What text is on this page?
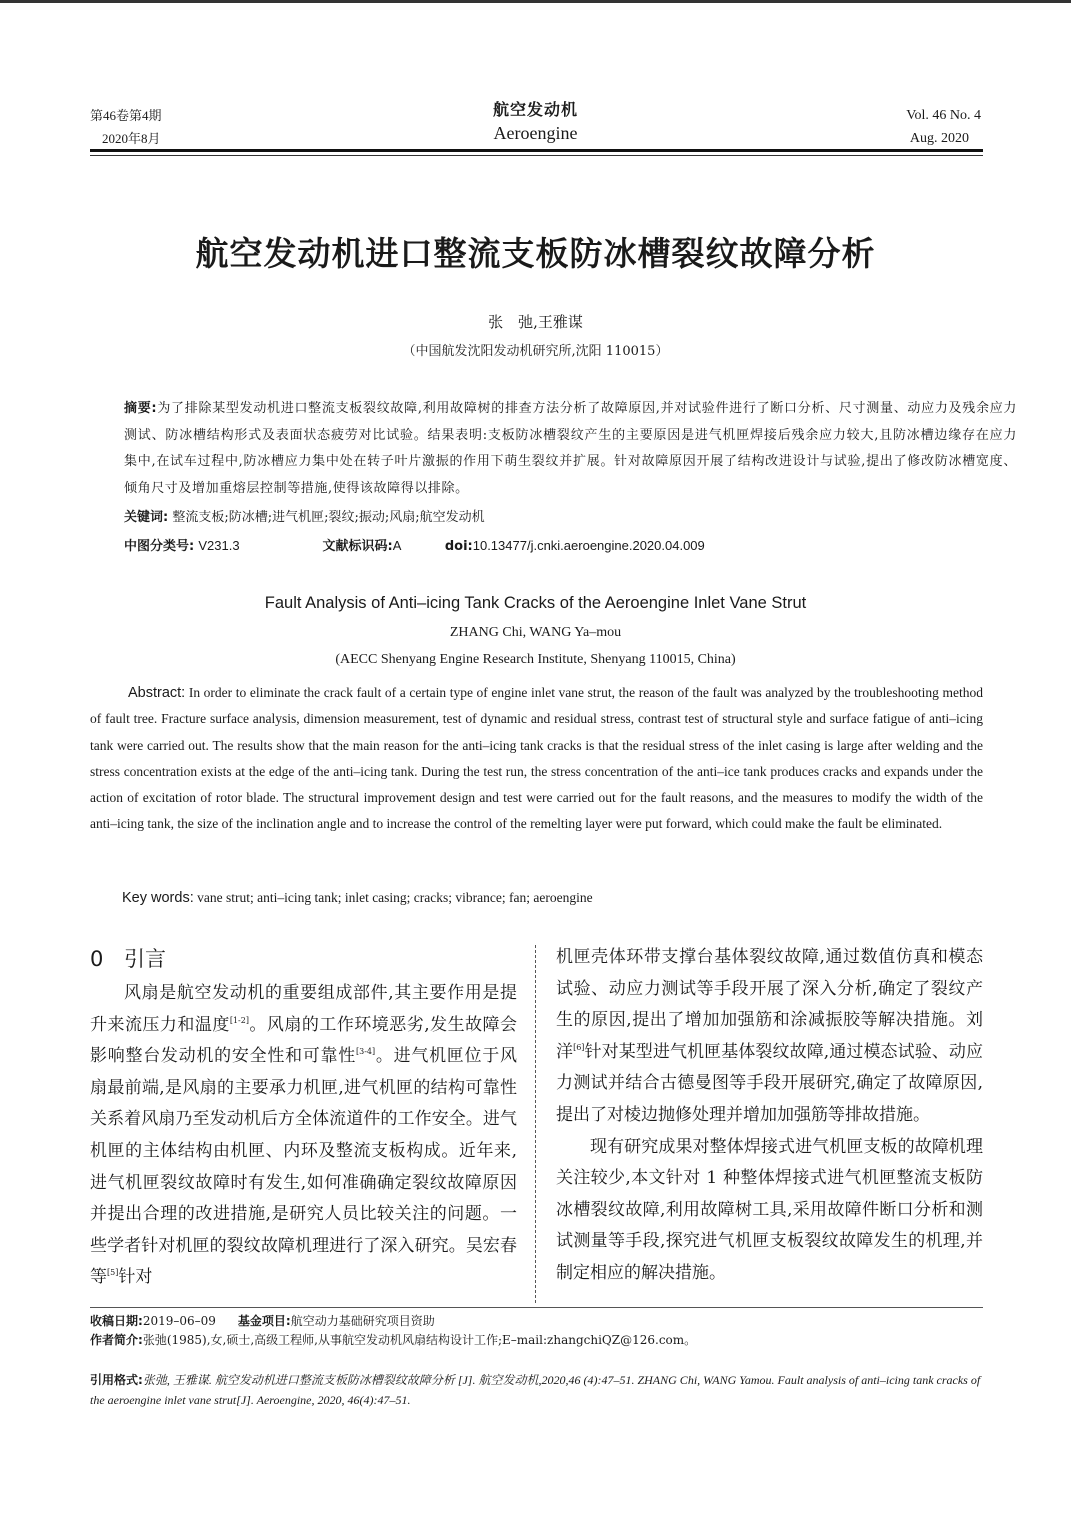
第46卷第4期
2020年8月
航空发动机
Aeroengine
Vol. 46 No. 4
Aug. 2020
航空发动机进口整流支板防冰槽裂纹故障分析
张　弛,王雅谋
（中国航发沈阳发动机研究所,沈阳 110015）
摘要:为了排除某型发动机进口整流支板裂纹故障,利用故障树的排查方法分析了故障原因,并对试验件进行了断口分析、尺寸测量、动应力及残余应力测试、防冰槽结构形式及表面状态疲劳对比试验。结果表明:支板防冰槽裂纹产生的主要原因是进气机匣焊接后残余应力较大,且防冰槽边缘存在应力集中,在试车过程中,防冰槽应力集中处在转子叶片激振的作用下萌生裂纹并扩展。针对故障原因开展了结构改进设计与试验,提出了修改防冰槽宽度、倾角尺寸及增加重熔层控制等措施,使得该故障得以排除。
关键词: 整流支板;防冰槽;进气机匣;裂纹;振动;风扇;航空发动机
中图分类号: V231.3	文献标识码:A	doi:10.13477/j.cnki.aeroengine.2020.04.009
Fault Analysis of Anti–icing Tank Cracks of the Aeroengine Inlet Vane Strut
ZHANG Chi, WANG Ya–mou
(AECC Shenyang Engine Research Institute, Shenyang 110015, China)
Abstract: In order to eliminate the crack fault of a certain type of engine inlet vane strut, the reason of the fault was analyzed by the troubleshooting method of fault tree. Fracture surface analysis, dimension measurement, test of dynamic and residual stress, contrast test of structural style and surface fatigue of anti–icing tank were carried out. The results show that the main reason for the anti–icing tank cracks is that the residual stress of the inlet casing is large after welding and the stress concentration exists at the edge of the anti–icing tank. During the test run, the stress concentration of the anti–ice tank produces cracks and expands under the action of excitation of rotor blade. The structural improvement design and test were carried out for the fault reasons, and the measures to modify the width of the anti–icing tank, the size of the inclination angle and to increase the control of the remelting layer were put forward, which could make the fault be eliminated.
Key words: vane strut; anti–icing tank; inlet casing; cracks; vibrance; fan; aeroengine
0 引言

风扇是航空发动机的重要组成部件,其主要作用是提升来流压力和温度[1-2]。风扇的工作环境恶劣,发生故障会影响整台发动机的安全性和可靠性[3-4]。进气机匣位于风扇最前端,是风扇的主要承力机匣,进气机匣的结构可靠性关系着风扇乃至发动机后方全体流道件的工作安全。进气机匣的主体结构由机匣、内环及整流支板构成。近年来,进气机匣裂纹故障时有发生,如何准确确定裂纹故障原因并提出合理的改进措施,是研究人员比较关注的问题。一些学者针对机匣的裂纹故障机理进行了深入研究。吴宏春等[5]针对

机匣壳体环带支撑台基体裂纹故障,通过数值仿真和模态试验、动应力测试等手段开展了深入分析,确定了裂纹产生的原因,提出了增加加强筋和涂减振胶等解决措施。刘洋[6]针对某型进气机匣基体裂纹故障,通过模态试验、动应力测试并结合古德曼图等手段开展研究,确定了故障原因,提出了对棱边抛修处理并增加加强筋等排故措施。

现有研究成果对整体焊接式进气机匣支板的故障机理关注较少,本文针对 1 种整体焊接式进气机匣整流支板防冰槽裂纹故障,利用故障树工具,采用故障件断口分析和测试测量等手段,探究进气机匣支板裂纹故障发生的机理,并制定相应的解决措施。

收稿日期:2019–06–09 基金项目:航空动力基础研究项目资助
作者简介:张弛(1985),女,硕士,高级工程师,从事航空发动机风扇结构设计工作;E–mail:zhangchiQZ@126.com。
引用格式:张弛, 王雅谋. 航空发动机进口整流支板防冰槽裂纹故障分析 [J]. 航空发动机,2020,46 (4):47–51. ZHANG Chi, WANG Yamou. Fault analysis of anti–icing tank cracks of the aeroengine inlet vane strut[J]. Aeroengine, 2020, 46(4):47–51.
